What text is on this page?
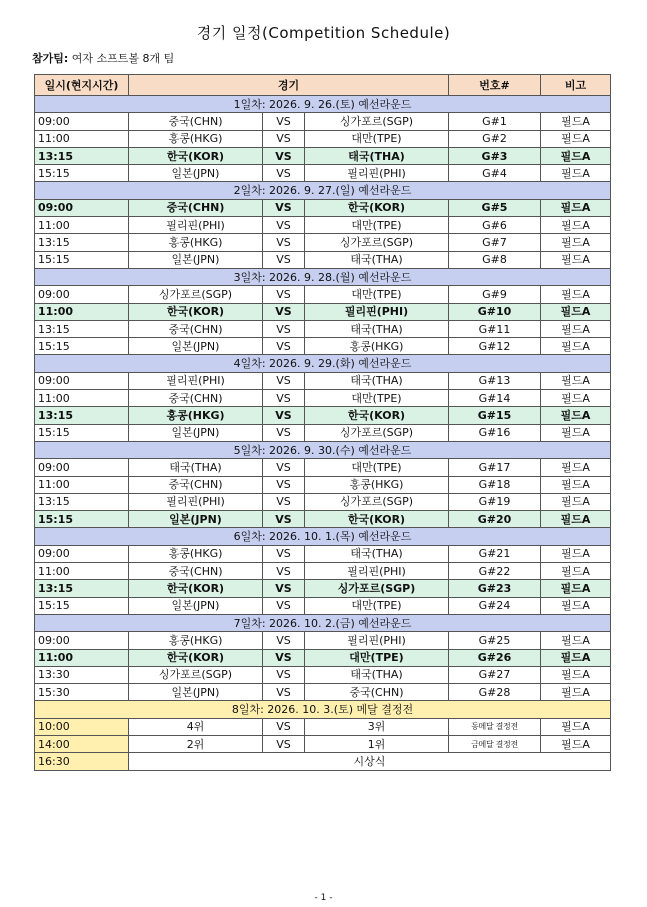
경기 일정(Competition Schedule)
참가팀: 여자 소프트볼 8개 팀
일시(현지시간)	경기			번호#	비고
1일차: 2026. 9. 26.(토) 예선라운드					
09:00	중국(CHN)	VS	싱가포르(SGP)	G#1	필드A
11:00	홍콩(HKG)	VS	대만(TPE)	G#2	필드A
13:15	한국(KOR)	VS	태국(THA)	G#3	필드A
15:15	일본(JPN)	VS	필리핀(PHI)	G#4	필드A
2일차: 2026. 9. 27.(일) 예선라운드					
09:00	중국(CHN)	VS	한국(KOR)	G#5	필드A
11:00	필리핀(PHI)	VS	대만(TPE)	G#6	필드A
13:15	홍콩(HKG)	VS	싱가포르(SGP)	G#7	필드A
15:15	일본(JPN)	VS	태국(THA)	G#8	필드A
3일차: 2026. 9. 28.(월) 예선라운드					
09:00	싱가포르(SGP)	VS	대만(TPE)	G#9	필드A
11:00	한국(KOR)	VS	필리핀(PHI)	G#10	필드A
13:15	중국(CHN)	VS	태국(THA)	G#11	필드A
15:15	일본(JPN)	VS	홍콩(HKG)	G#12	필드A
4일차: 2026. 9. 29.(화) 예선라운드					
09:00	필리핀(PHI)	VS	태국(THA)	G#13	필드A
11:00	중국(CHN)	VS	대만(TPE)	G#14	필드A
13:15	홍콩(HKG)	VS	한국(KOR)	G#15	필드A
15:15	일본(JPN)	VS	싱가포르(SGP)	G#16	필드A
5일차: 2026. 9. 30.(수) 예선라운드					
09:00	태국(THA)	VS	대만(TPE)	G#17	필드A
11:00	중국(CHN)	VS	홍콩(HKG)	G#18	필드A
13:15	필리핀(PHI)	VS	싱가포르(SGP)	G#19	필드A
15:15	일본(JPN)	VS	한국(KOR)	G#20	필드A
6일차: 2026. 10. 1.(목) 예선라운드					
09:00	홍콩(HKG)	VS	태국(THA)	G#21	필드A
11:00	중국(CHN)	VS	필리핀(PHI)	G#22	필드A
13:15	한국(KOR)	VS	싱가포르(SGP)	G#23	필드A
15:15	일본(JPN)	VS	대만(TPE)	G#24	필드A
7일차: 2026. 10. 2.(금) 예선라운드					
09:00	홍콩(HKG)	VS	필리핀(PHI)	G#25	필드A
11:00	한국(KOR)	VS	대만(TPE)	G#26	필드A
13:30	싱가포르(SGP)	VS	태국(THA)	G#27	필드A
15:30	일본(JPN)	VS	중국(CHN)	G#28	필드A
8일차: 2026. 10. 3.(토) 메달 결정전					
10:00	4위	VS	3위	동메달 결정전	필드A
14:00	2위	VS	1위	금메달 결정전	필드A
16:30	시상식				
- 1 -
